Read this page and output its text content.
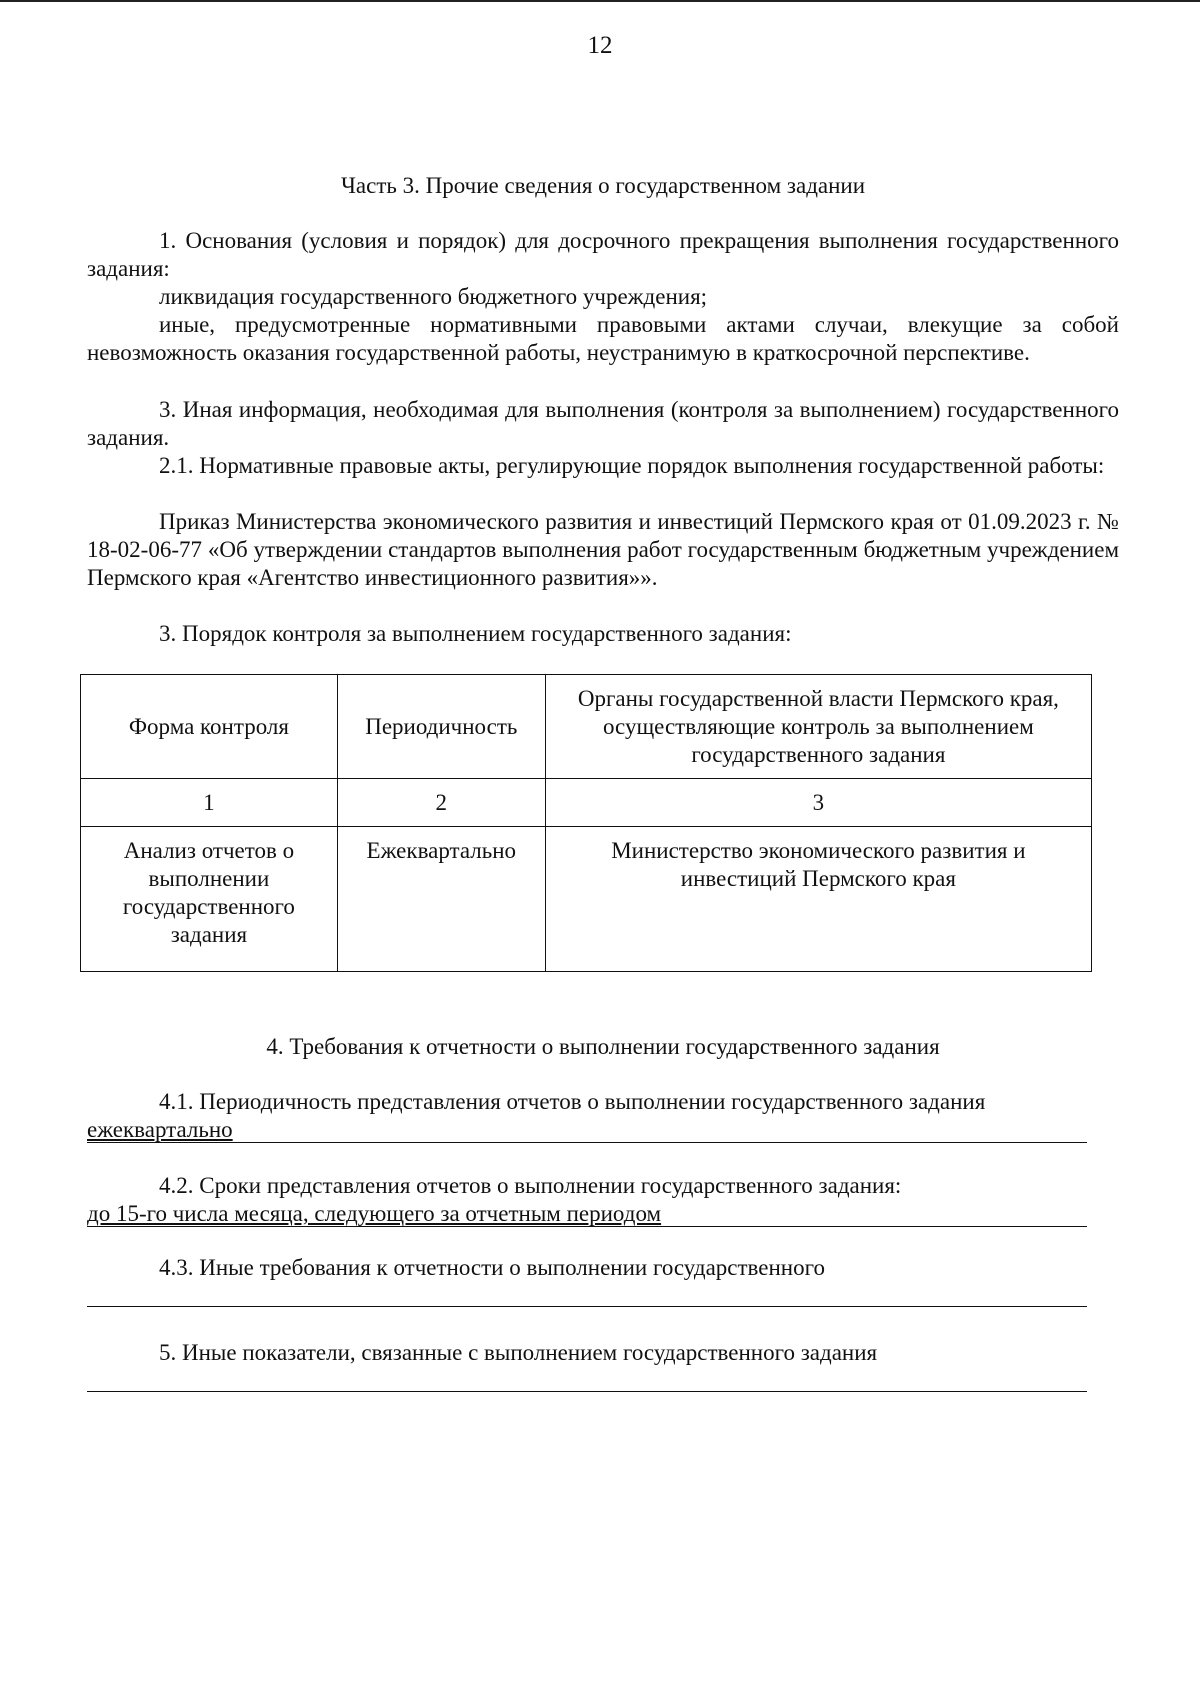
12
Часть 3. Прочие сведения о государственном задании
1. Основания (условия и порядок) для досрочного прекращения выполнения государственного задания:
ликвидация государственного бюджетного учреждения;
иные, предусмотренные нормативными правовыми актами случаи, влекущие за собой невозможность оказания государственной работы, неустранимую в краткосрочной перспективе.
3. Иная информация, необходимая для выполнения (контроля за выполнением) государственного задания.
2.1. Нормативные правовые акты, регулирующие порядок выполнения государственной работы:
Приказ Министерства экономического развития и инвестиций Пермского края от 01.09.2023 г. № 18-02-06-77 «Об утверждении стандартов выполнения работ государственным бюджетным учреждением Пермского края «Агентство инвестиционного развития»».
3. Порядок контроля за выполнением государственного задания:
Форма контроля	Периодичность	Органы государственной власти Пермского края, осуществляющие контроль за выполнением государственного задания
1	2	3
Анализ отчетов о выполнении государственного задания	Ежеквартально	Министерство экономического развития и инвестиций Пермского края
4. Требования к отчетности о выполнении государственного задания
4.1. Периодичность представления отчетов о выполнении государственного задания
ежеквартально
4.2. Сроки представления отчетов о выполнении государственного задания:
до 15-го числа месяца, следующего за отчетным периодом
4.3. Иные требования к отчетности о выполнении государственного
5. Иные показатели, связанные с выполнением государственного задания
